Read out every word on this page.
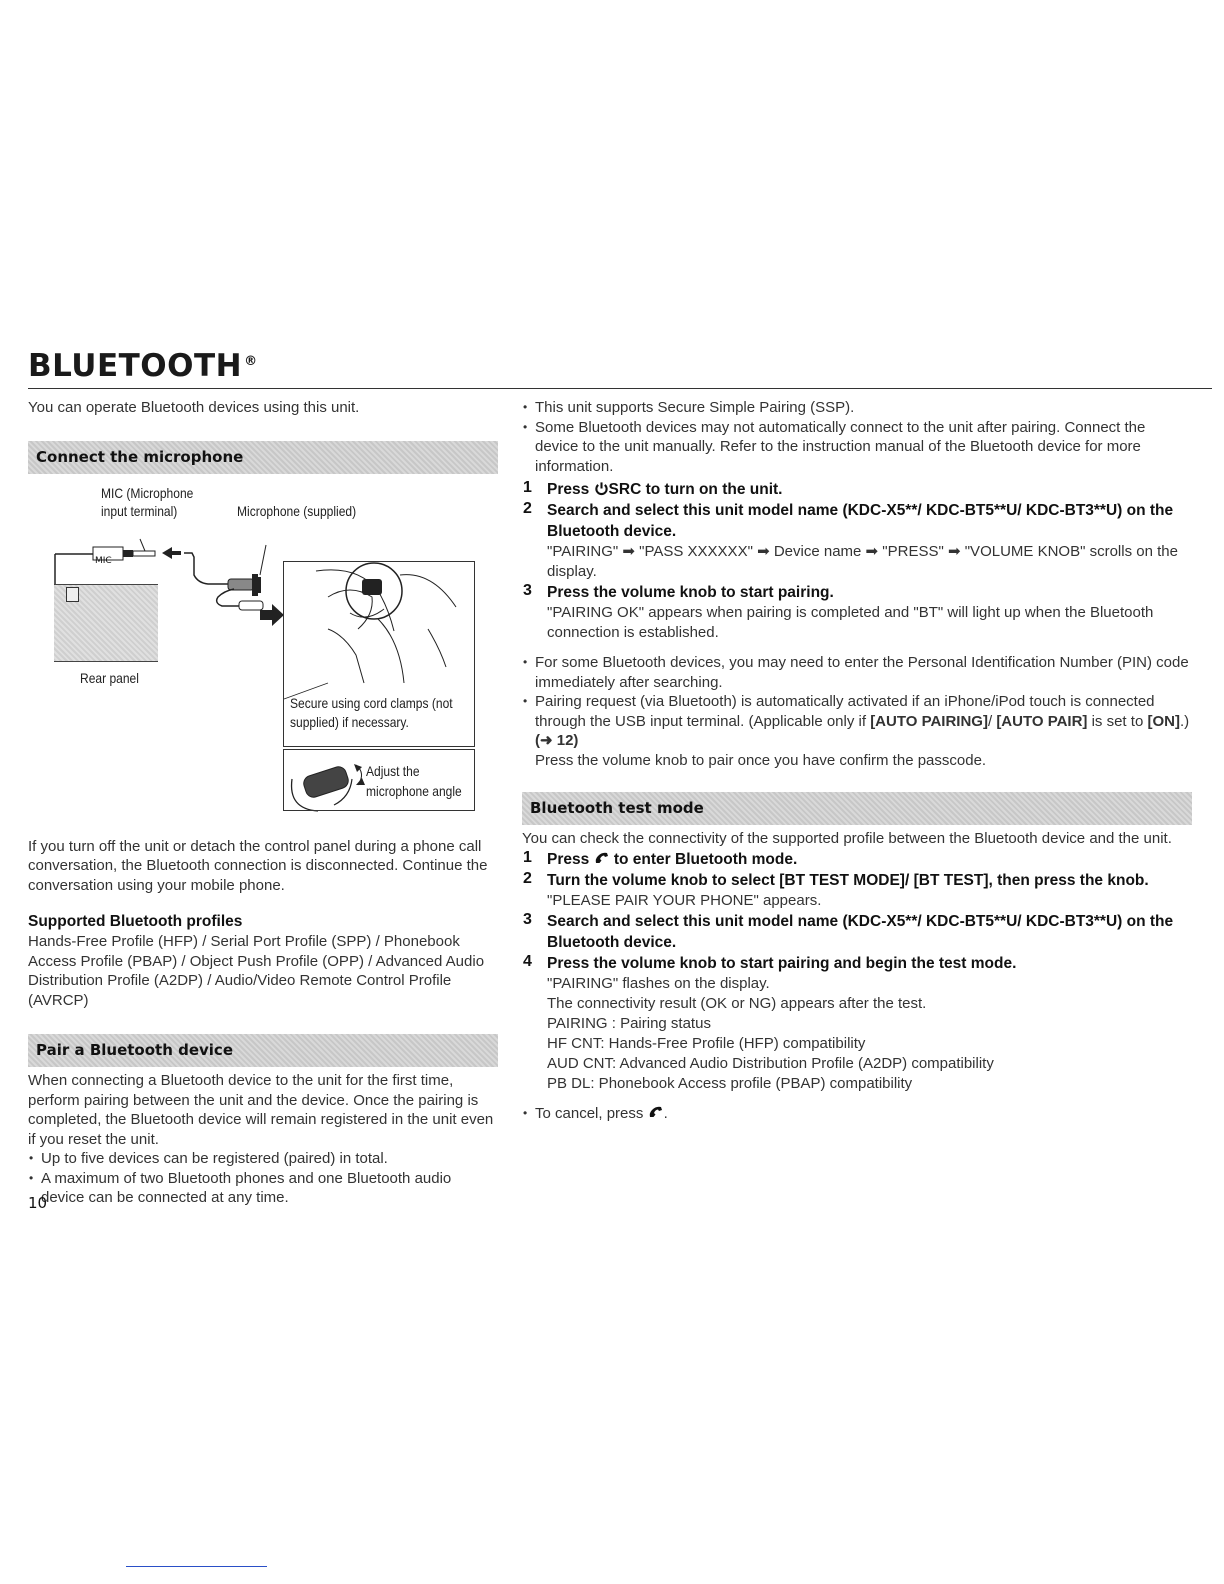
BLUETOOTH ®

You can operate Bluetooth devices using this unit.

Connect the microphone
MIC (Microphone
input terminal)	Microphone (supplied)
MIC
Rear panel
Secure using cord clamps (not
supplied) if necessary.
Adjust the
microphone angle

If you turn off the unit or detach the control panel during a phone call conversation, the Bluetooth connection is disconnected. Continue the conversation using your mobile phone.

Supported Bluetooth profiles

Hands-Free Profile (HFP) / Serial Port Profile (SPP) / Phonebook Access Profile (PBAP) / Object Push Profile (OPP) / Advanced Audio Distribution Profile (A2DP) / Audio/Video Remote Control Profile (AVRCP)

Pair a Bluetooth device

When connecting a Bluetooth device to the unit for the first time, perform pairing between the unit and the device. Once the pairing is completed, the Bluetooth device will remain registered in the unit even if you reset the unit.

• Up to five devices can be registered (paired) in total.
• A maximum of two Bluetooth phones and one Bluetooth audio device can be connected at any time.
• This unit supports Secure Simple Pairing (SSP).
• Some Bluetooth devices may not automatically connect to the unit after pairing. Connect the device to the unit manually. Refer to the instruction manual of the Bluetooth device for more information.
1 Press SRC to turn on the unit.
2 Search and select this unit model name (KDC-X5**/ KDC-BT5**U/ KDC-BT3**U) on the Bluetooth device.
"PAIRING" ➡ "PASS XXXXXX" ➡ Device name ➡ "PRESS" ➡ "VOLUME KNOB" scrolls on the display.
3 Press the volume knob to start pairing.
"PAIRING OK" appears when pairing is completed and "BT" will light up when the Bluetooth connection is established.
• For some Bluetooth devices, you may need to enter the Personal Identification Number (PIN) code immediately after searching.
• Pairing request (via Bluetooth) is automatically activated if an iPhone/iPod touch is connected through the USB input terminal. (Applicable only if [AUTO PAIRING]/ [AUTO PAIR] is set to [ON].)
(➜ 12)
Press the volume knob to pair once you have confirm the passcode.
Bluetooth test mode

You can check the connectivity of the supported profile between the Bluetooth device and the unit.

1 Press to enter Bluetooth mode.
2 Turn the volume knob to select [BT TEST MODE]/ [BT TEST], then press the knob.
"PLEASE PAIR YOUR PHONE" appears.
3 Search and select this unit model name (KDC-X5**/ KDC-BT5**U/ KDC-BT3**U) on the Bluetooth device.
4 Press the volume knob to start pairing and begin the test mode.
"PAIRING" flashes on the display.
The connectivity result (OK or NG) appears after the test.
PAIRING : Pairing status
HF CNT: Hands-Free Profile (HFP) compatibility
AUD CNT: Advanced Audio Distribution Profile (A2DP) compatibility
PB DL: Phonebook Access profile (PBAP) compatibility
• To cancel, press .
10
